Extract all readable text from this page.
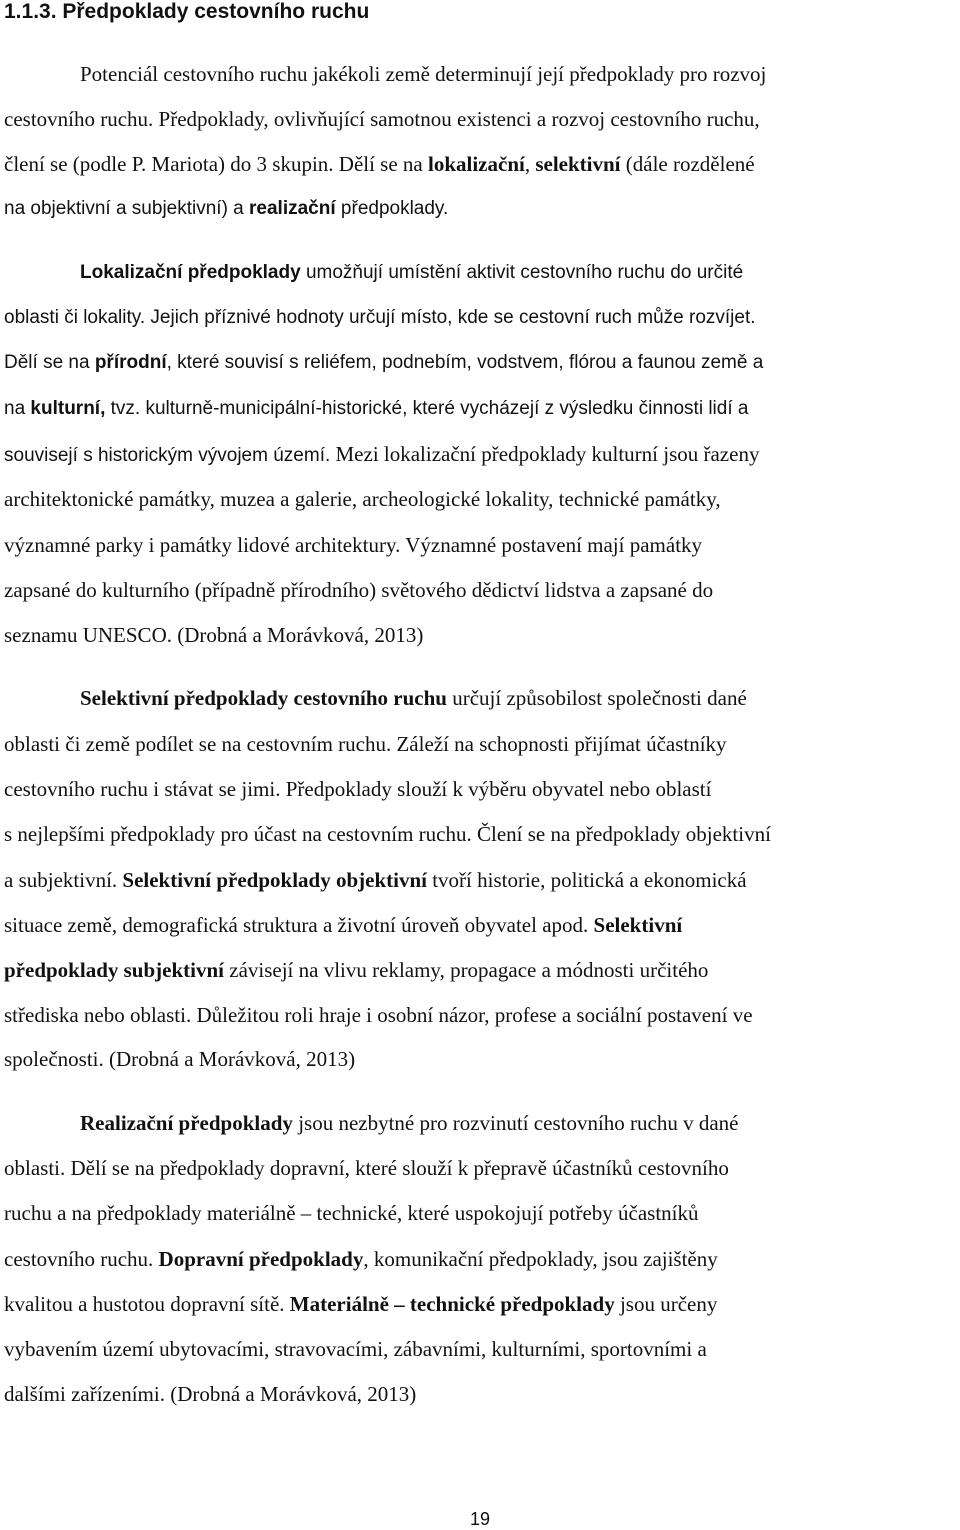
1.1.3. Předpoklady cestovního ruchu
Potenciál cestovního ruchu jakékoli země determinují její předpoklady pro rozvoj
cestovního ruchu. Předpoklady, ovlivňující samotnou existenci a rozvoj cestovního ruchu,
člení se (podle P. Mariota) do 3 skupin. Dělí se na lokalizační, selektivní (dále rozdělené
na objektivní a subjektivní) a realizační předpoklady.
Lokalizační předpoklady umožňují umístění aktivit cestovního ruchu do určité
oblasti či lokality. Jejich příznivé hodnoty určují místo, kde se cestovní ruch může rozvíjet.
Dělí se na přírodní, které souvisí s reliéfem, podnebím, vodstvem, flórou a faunou země a
na kulturní, tvz. kulturně-municipální-historické, které vycházejí z výsledku činnosti lidí a
souvisejí s historickým vývojem území. Mezi lokalizační předpoklady kulturní jsou řazeny
architektonické památky, muzea a galerie, archeologické lokality, technické památky,
významné parky i památky lidové architektury. Významné postavení mají památky
zapsané do kulturního (případně přírodního) světového dědictví lidstva a zapsané do
seznamu UNESCO. (Drobná a Morávková, 2013)
Selektivní předpoklady cestovního ruchu určují způsobilost společnosti dané
oblasti či země podílet se na cestovním ruchu. Záleží na schopnosti přijímat účastníky
cestovního ruchu i stávat se jimi. Předpoklady slouží k výběru obyvatel nebo oblastí
s nejlepšími předpoklady pro účast na cestovním ruchu. Člení se na předpoklady objektivní
a subjektivní. Selektivní předpoklady objektivní tvoří historie, politická a ekonomická
situace země, demografická struktura a životní úroveň obyvatel apod. Selektivní
předpoklady subjektivní závisejí na vlivu reklamy, propagace a módnosti určitého
střediska nebo oblasti. Důležitou roli hraje i osobní názor, profese a sociální postavení ve
společnosti. (Drobná a Morávková, 2013)
Realizační předpoklady jsou nezbytné pro rozvinutí cestovního ruchu v dané
oblasti. Dělí se na předpoklady dopravní, které slouží k přepravě účastníků cestovního
ruchu a na předpoklady materiálně – technické, které uspokojují potřeby účastníků
cestovního ruchu. Dopravní předpoklady, komunikační předpoklady, jsou zajištěny
kvalitou a hustotou dopravní sítě. Materiálně – technické předpoklady jsou určeny
vybavením území ubytovacími, stravovacími, zábavními, kulturními, sportovními a
dalšími zařízeními. (Drobná a Morávková, 2013)
19
